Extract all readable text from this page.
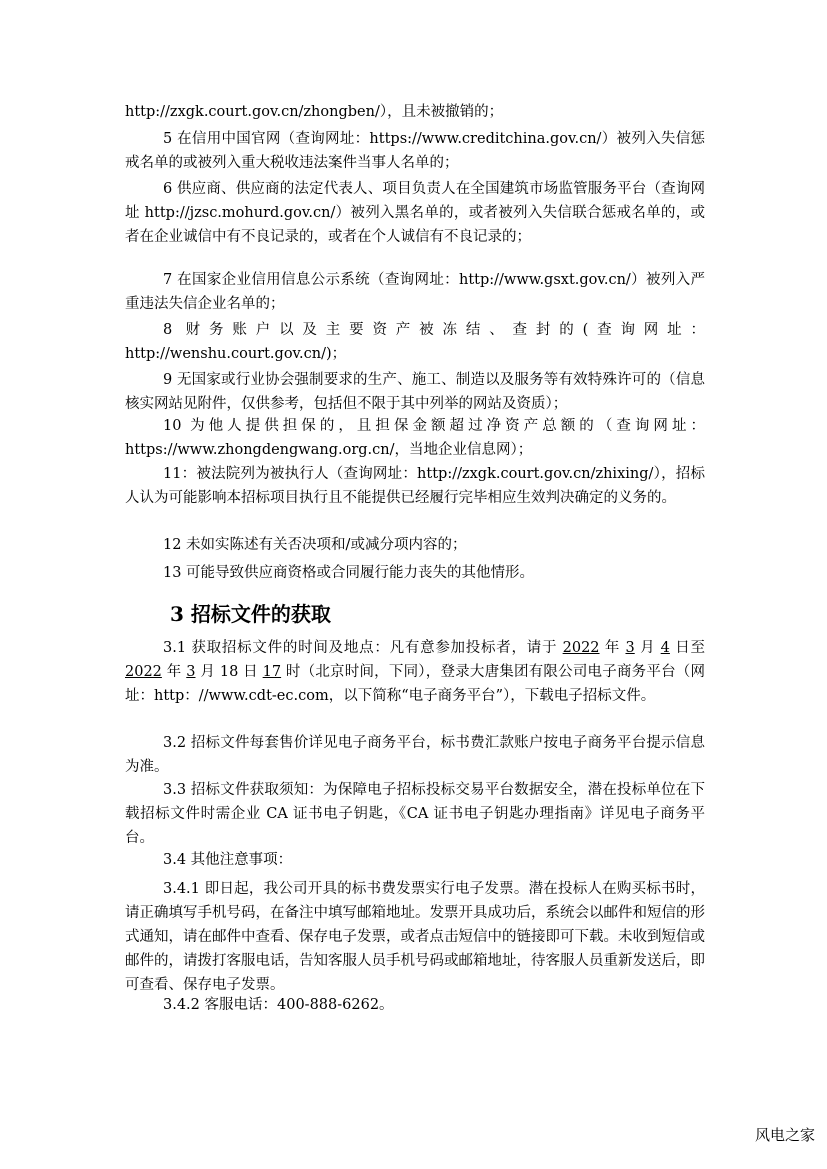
http://zxgk.court.gov.cn/zhongben/），且未被撤销的；

5 在信用中国官网（查询网址：https://www.creditchina.gov.cn/）被列入失信惩戒名单的或被列入重大税收违法案件当事人名单的；

6 供应商、供应商的法定代表人、项目负责人在全国建筑市场监管服务平台（查询网址 http://jzsc.mohurd.gov.cn/）被列入黑名单的，或者被列入失信联合惩戒名单的，或者在企业诚信中有不良记录的，或者在个人诚信有不良记录的；

7 在国家企业信用信息公示系统（查询网址：http://www.gsxt.gov.cn/）被列入严重违法失信企业名单的；

8 财务账户以及主要资产被冻结、查封的(查询网址：http://wenshu.court.gov.cn/)；

9 无国家或行业协会强制要求的生产、施工、制造以及服务等有效特殊许可的（信息核实网站见附件，仅供参考，包括但不限于其中列举的网站及资质）；

10 为他人提供担保的，且担保金额超过净资产总额的（查询网址：https://www.zhongdengwang.org.cn/，当地企业信息网）；

11：被法院列为被执行人（查询网址：http://zxgk.court.gov.cn/zhixing/），招标人认为可能影响本招标项目执行且不能提供已经履行完毕相应生效判决确定的义务的。

12 未如实陈述有关否决项和/或减分项内容的；

13 可能导致供应商资格或合同履行能力丧失的其他情形。

3 招标文件的获取

3.1 获取招标文件的时间及地点：凡有意参加投标者，请于 2022 年 3 月 4 日至 2022 年 3 月 18 日 17 时（北京时间，下同），登录大唐集团有限公司电子商务平台（网址：http：//www.cdt-ec.com，以下简称“电子商务平台”），下载电子招标文件。

3.2 招标文件每套售价详见电子商务平台，标书费汇款账户按电子商务平台提示信息为准。

3.3 招标文件获取须知：为保障电子招标投标交易平台数据安全，潜在投标单位在下载招标文件时需企业 CA 证书电子钥匙，《CA 证书电子钥匙办理指南》详见电子商务平台。

3.4 其他注意事项：

3.4.1 即日起，我公司开具的标书费发票实行电子发票。潜在投标人在购买标书时，请正确填写手机号码，在备注中填写邮箱地址。发票开具成功后，系统会以邮件和短信的形式通知，请在邮件中查看、保存电子发票，或者点击短信中的链接即可下载。未收到短信或邮件的，请拨打客服电话，告知客服人员手机号码或邮箱地址，待客服人员重新发送后，即可查看、保存电子发票。

3.4.2 客服电话：400-888-6262。

风电之家
